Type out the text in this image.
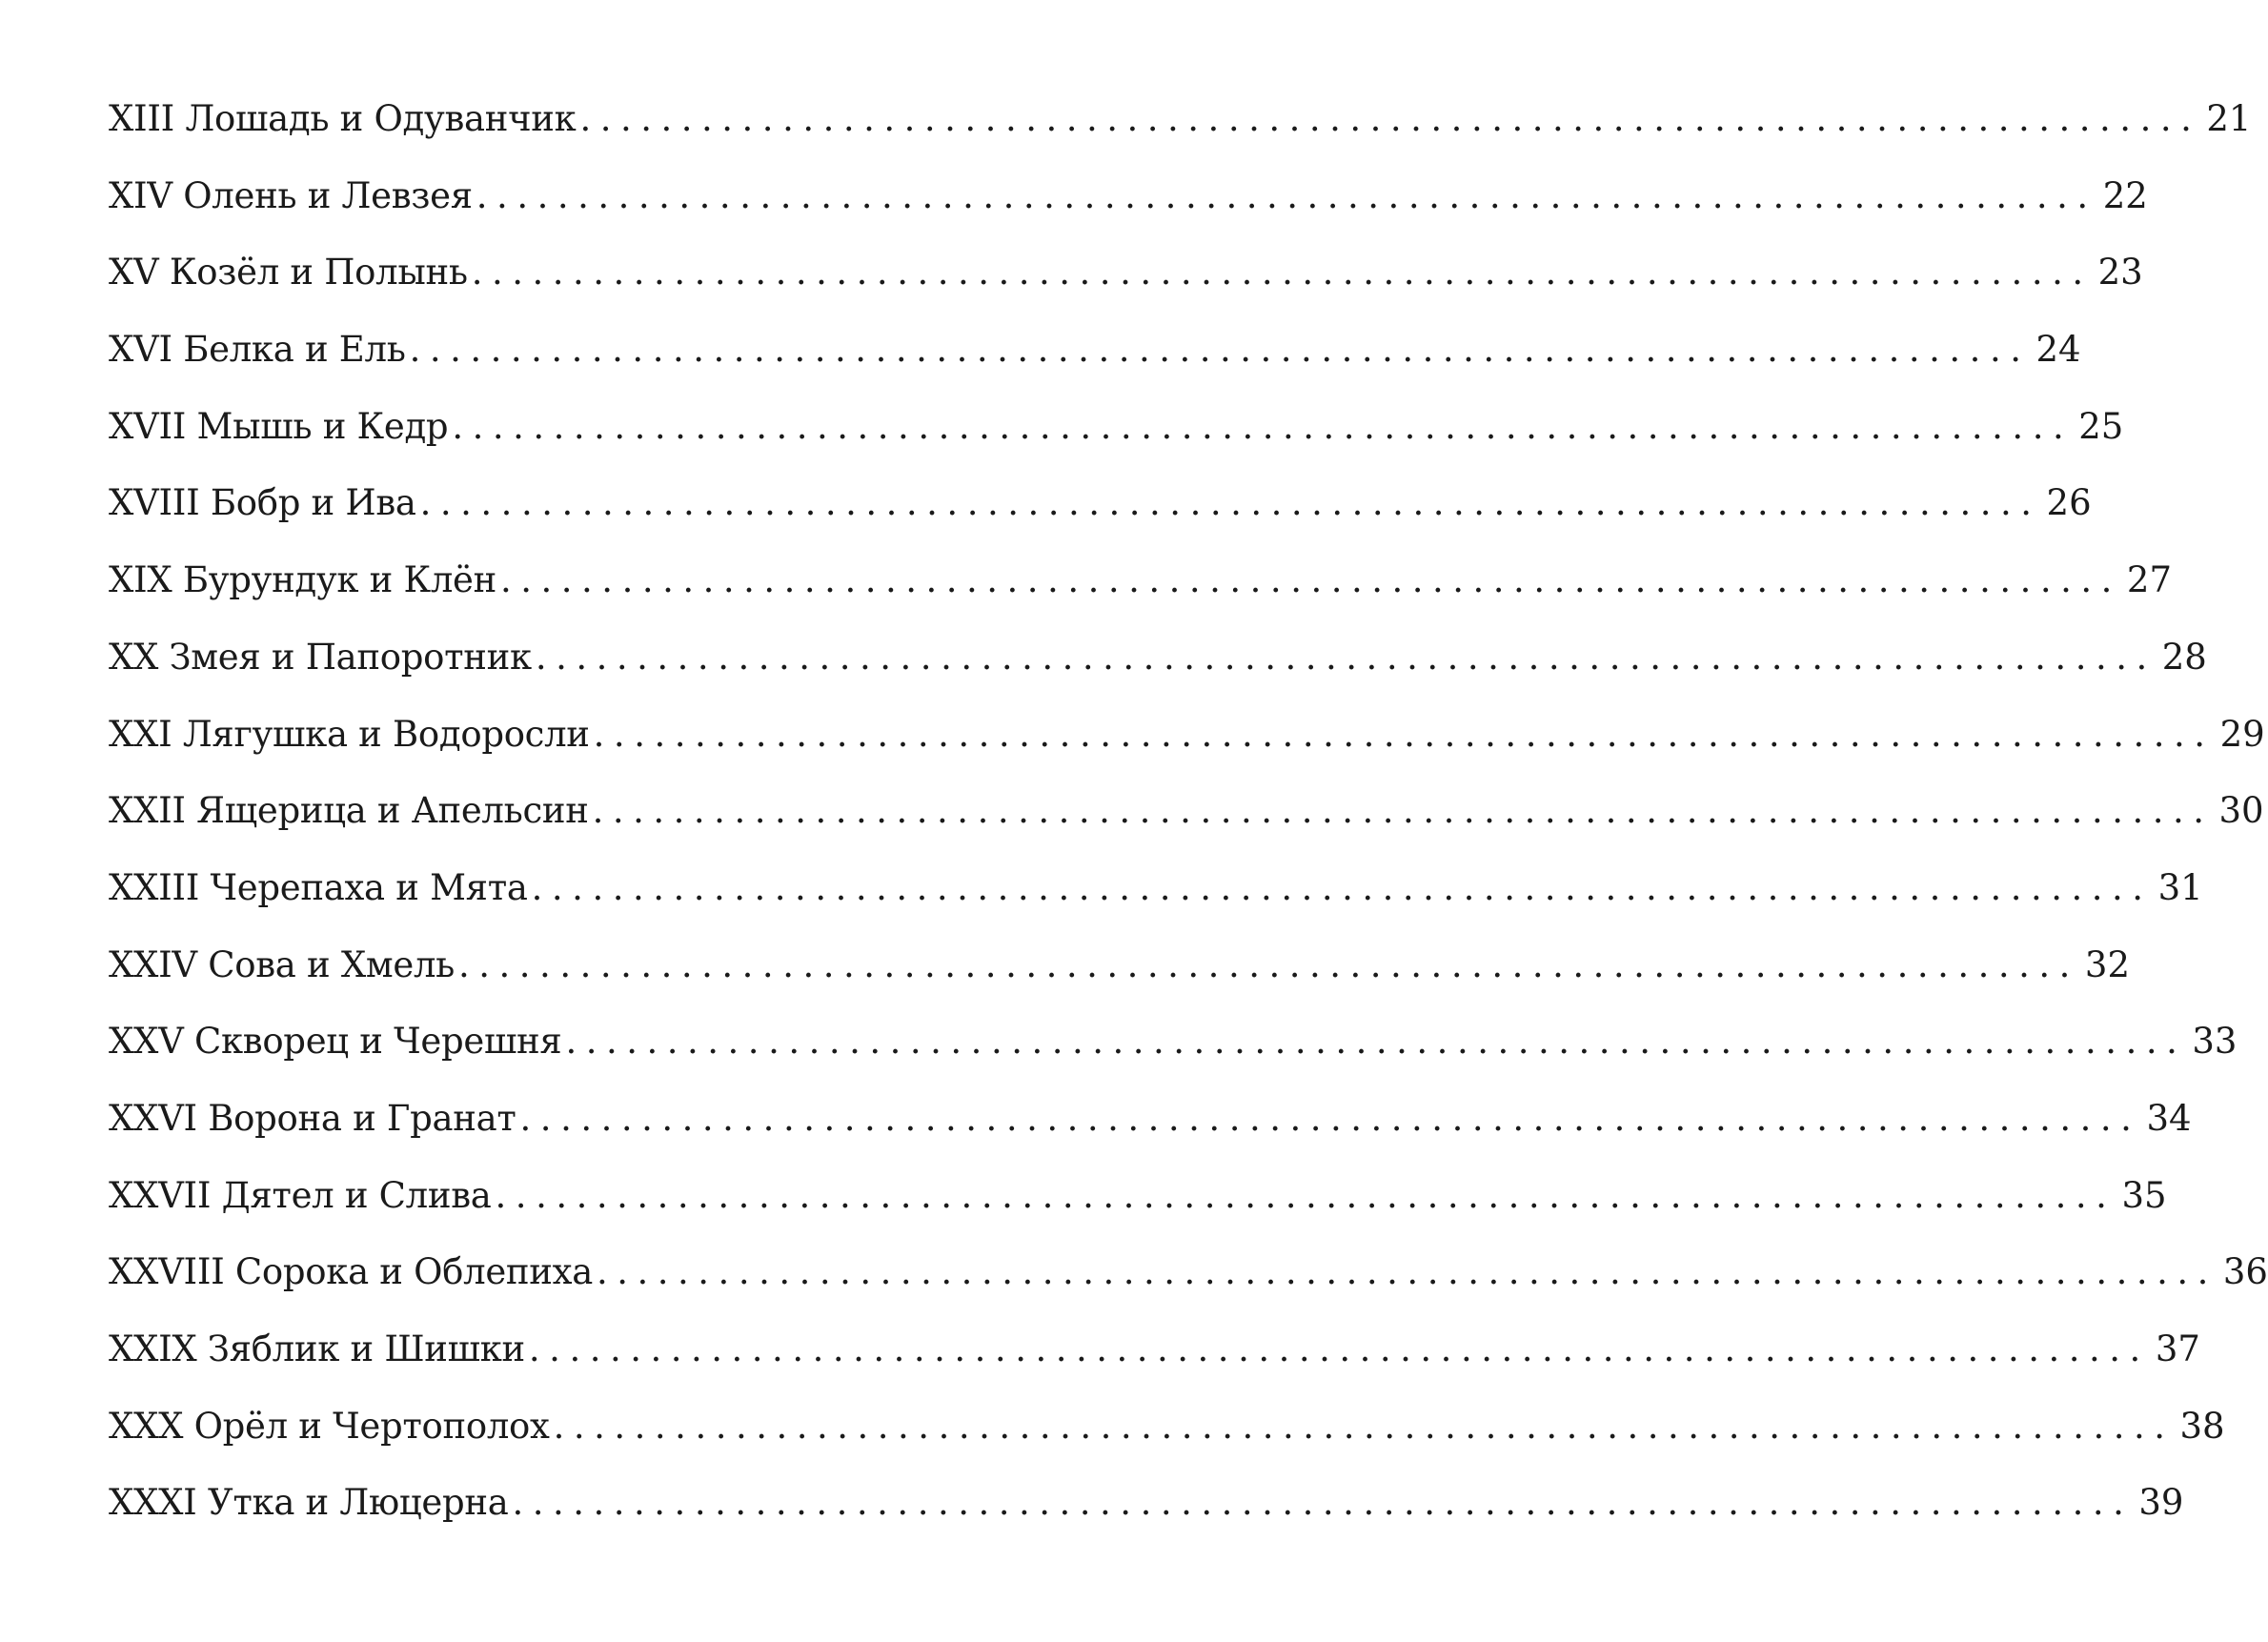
XIII Лошадь и Одуванчик ................................................................................ 21
XIV Олень и Левзея ................................................................................ 22
XV Козёл и Полынь ................................................................................ 23
XVI Белка и Ель ................................................................................ 24
XVII Мышь и Кедр ................................................................................ 25
XVIII Бобр и Ива ................................................................................ 26
XIX Бурундук и Клён ................................................................................ 27
XX Змея и Папоротник ................................................................................ 28
XXI Лягушка и Водоросли ................................................................................ 29
XXII Ящерица и Апельсин ................................................................................ 30
XXIII Черепаха и Мята ................................................................................ 31
XXIV Сова и Хмель ................................................................................ 32
XXV Скворец и Черешня ................................................................................ 33
XXVI Ворона и Гранат ................................................................................ 34
XXVII Дятел и Слива ................................................................................ 35
XXVIII Сорока и Облепиха ................................................................................ 36
XXIX Зяблик и Шишки ................................................................................ 37
XXX Орёл и Чертополох ................................................................................ 38
XXXI Утка и Люцерна ................................................................................ 39
